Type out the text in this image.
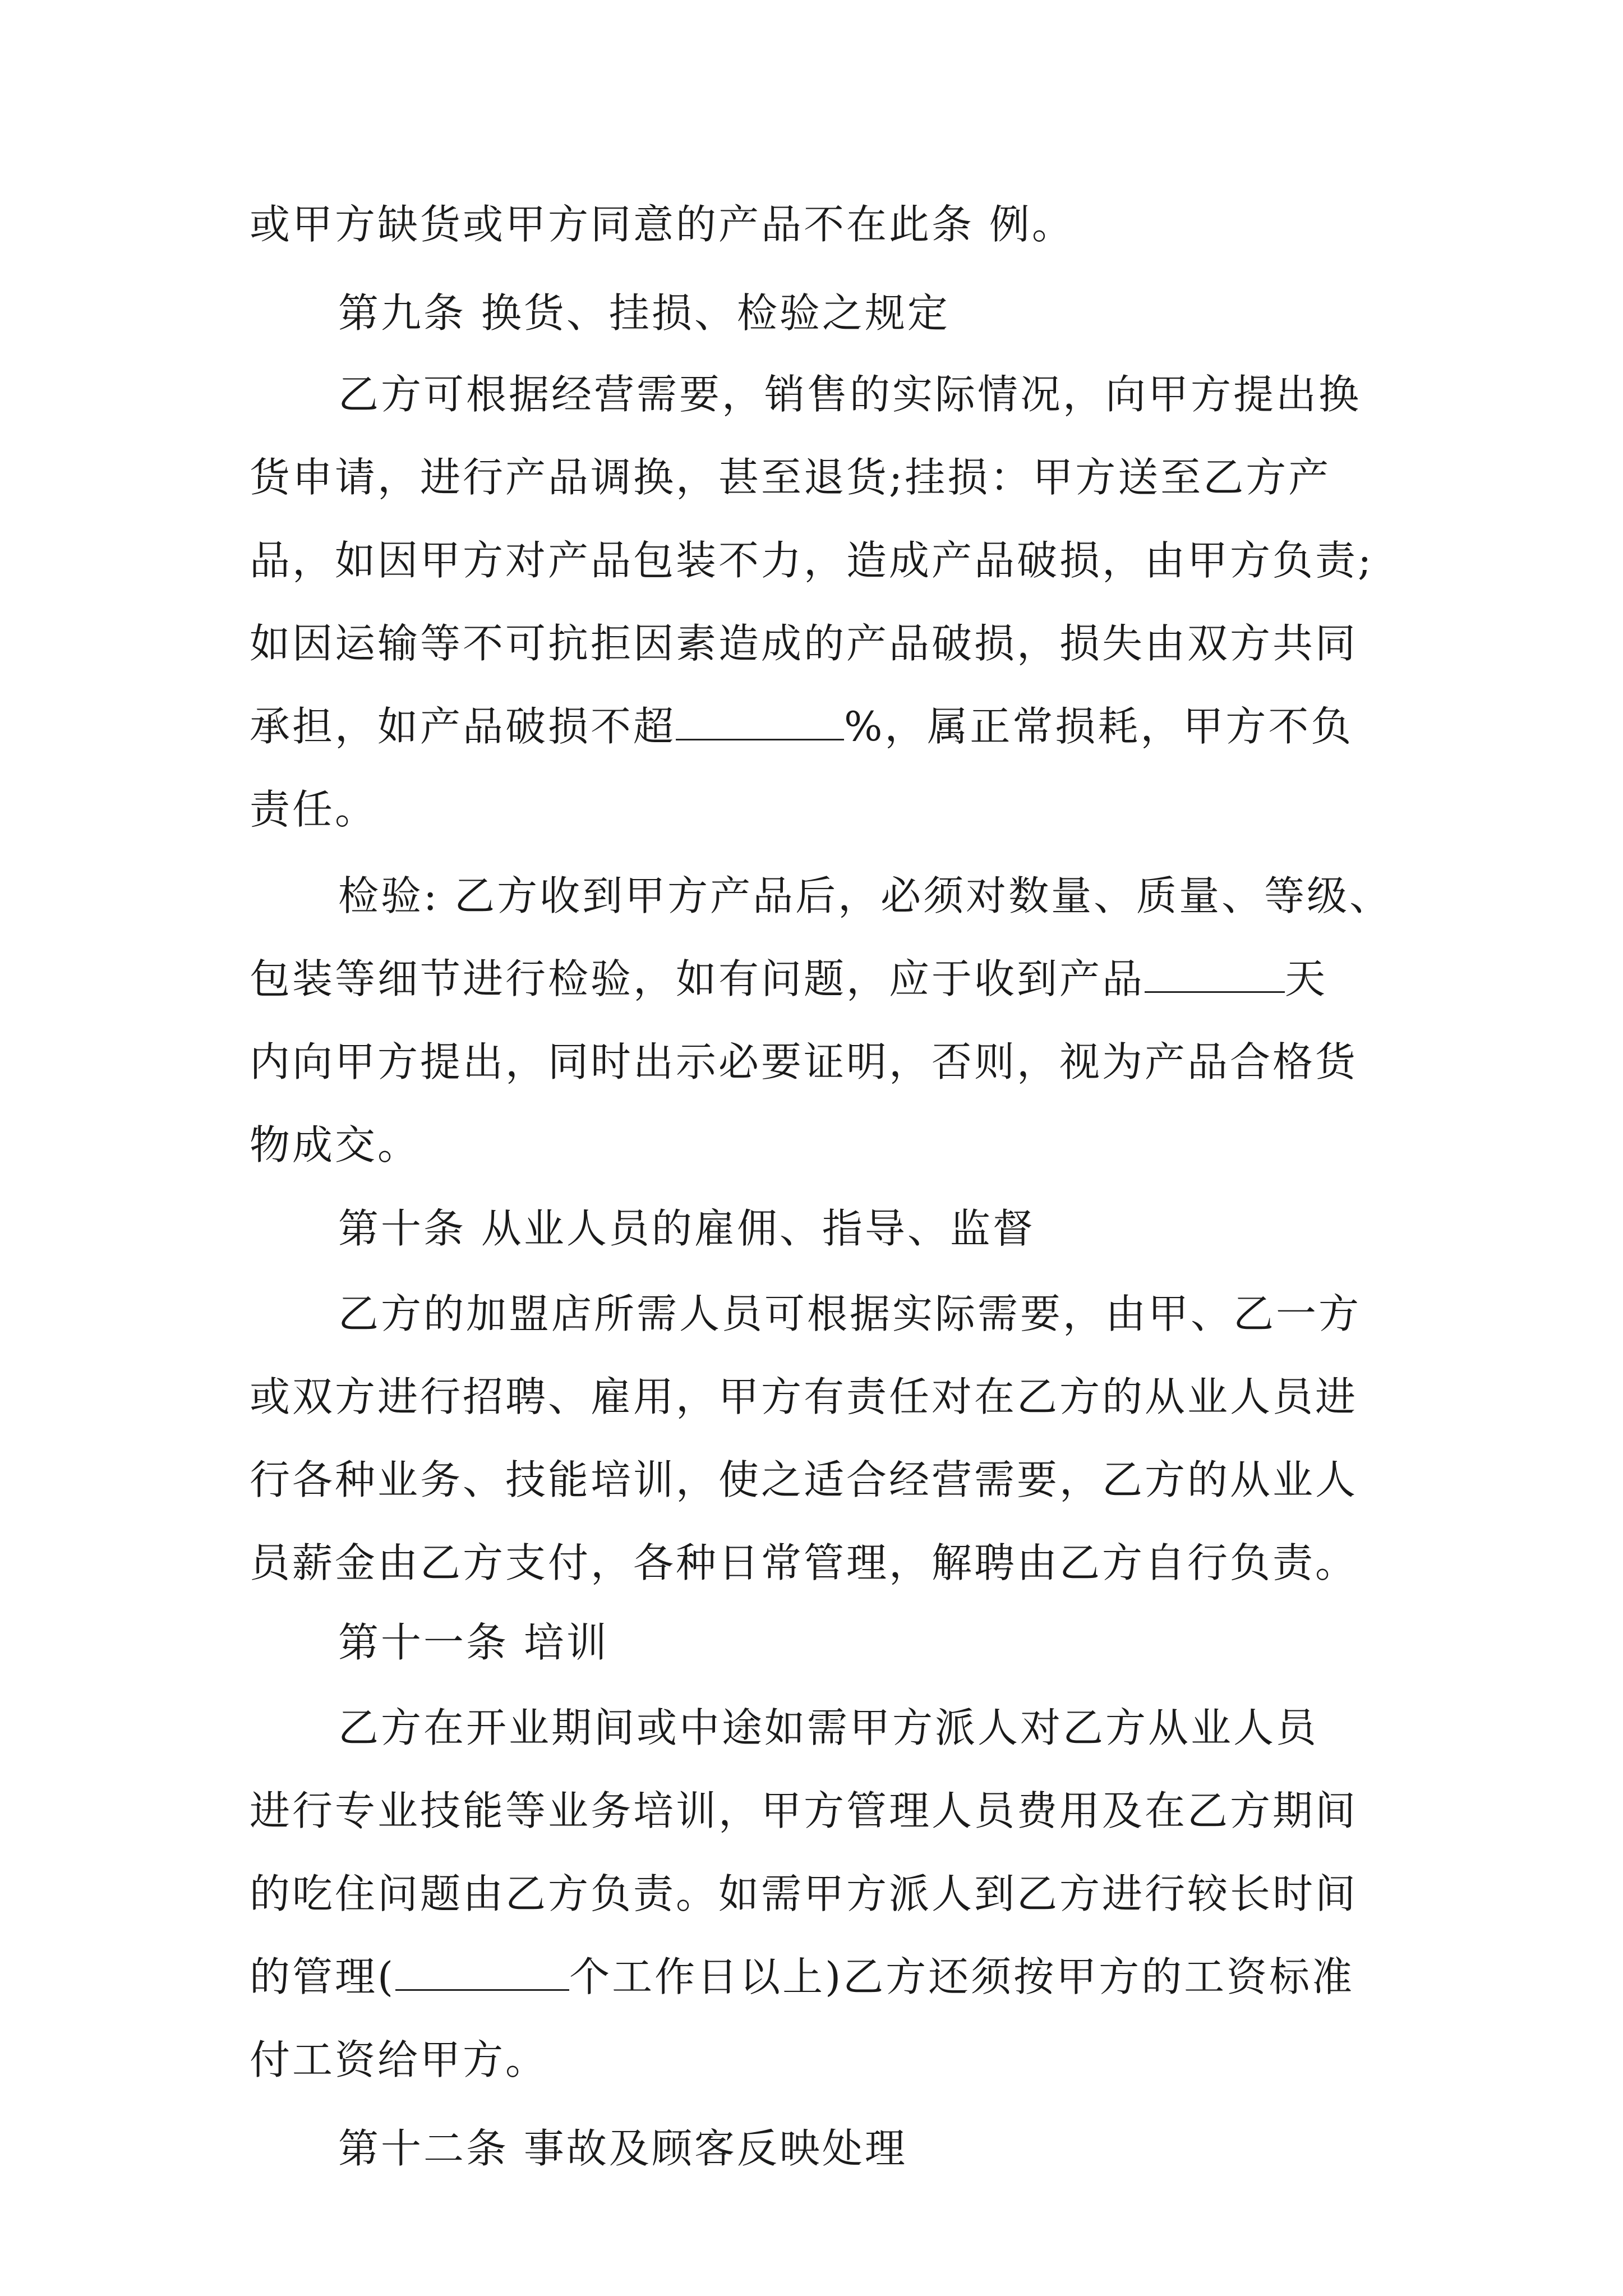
或甲方缺货或甲方同意的产品不在此条 例。
第九条 换货、挂损、检验之规定
乙方可根据经营需要，销售的实际情况，向甲方提出换
货申请，进行产品调换，甚至退货;挂损：甲方送至乙方产
品，如因甲方对产品包装不力，造成产品破损，由甲方负责;
如因运输等不可抗拒因素造成的产品破损，损失由双方共同
承担，如产品破损不超	%，属正常损耗，甲方不负
责任。
检验: 乙方收到甲方产品后，必须对数量、质量、等级、
包装等细节进行检验，如有问题，应于收到产品	天
内向甲方提出，同时出示必要证明，否则，视为产品合格货
物成交。
第十条 从业人员的雇佣、指导、监督
乙方的加盟店所需人员可根据实际需要，由甲、乙一方
或双方进行招聘、雇用，甲方有责任对在乙方的从业人员进
行各种业务、技能培训，使之适合经营需要，乙方的从业人
员薪金由乙方支付，各种日常管理，解聘由乙方自行负责。
第十一条 培训
乙方在开业期间或中途如需甲方派人对乙方从业人员
进行专业技能等业务培训，甲方管理人员费用及在乙方期间
的吃住问题由乙方负责。如需甲方派人到乙方进行较长时间
的管理(	个工作日以上)乙方还须按甲方的工资标准
付工资给甲方。
第十二条 事故及顾客反映处理
